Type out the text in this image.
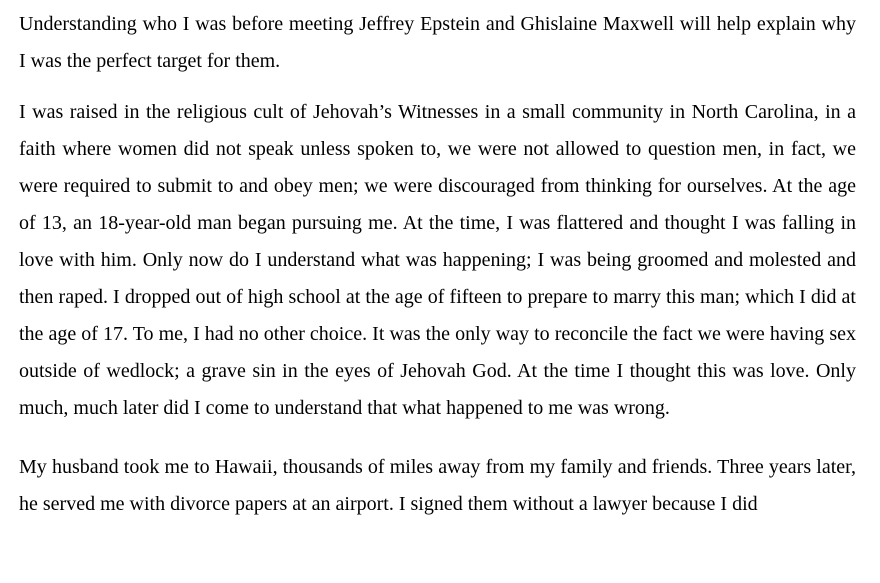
Understanding who I was before meeting Jeffrey Epstein and Ghislaine Maxwell will help explain why I was the perfect target for them.

I was raised in the religious cult of Jehovah’s Witnesses in a small community in North Carolina, in a faith where women did not speak unless spoken to, we were not allowed to question men, in fact, we were required to submit to and obey men; we were discouraged from thinking for ourselves. At the age of 13, an 18-year-old man began pursuing me. At the time, I was flattered and thought I was falling in love with him. Only now do I understand what was happening; I was being groomed and molested and then raped. I dropped out of high school at the age of fifteen to prepare to marry this man; which I did at the age of 17. To me, I had no other choice. It was the only way to reconcile the fact we were having sex outside of wedlock; a grave sin in the eyes of Jehovah God. At the time I thought this was love. Only much, much later did I come to understand that what happened to me was wrong.

My husband took me to Hawaii, thousands of miles away from my family and friends. Three years later, he served me with divorce papers at an airport. I signed them without a lawyer because I did
